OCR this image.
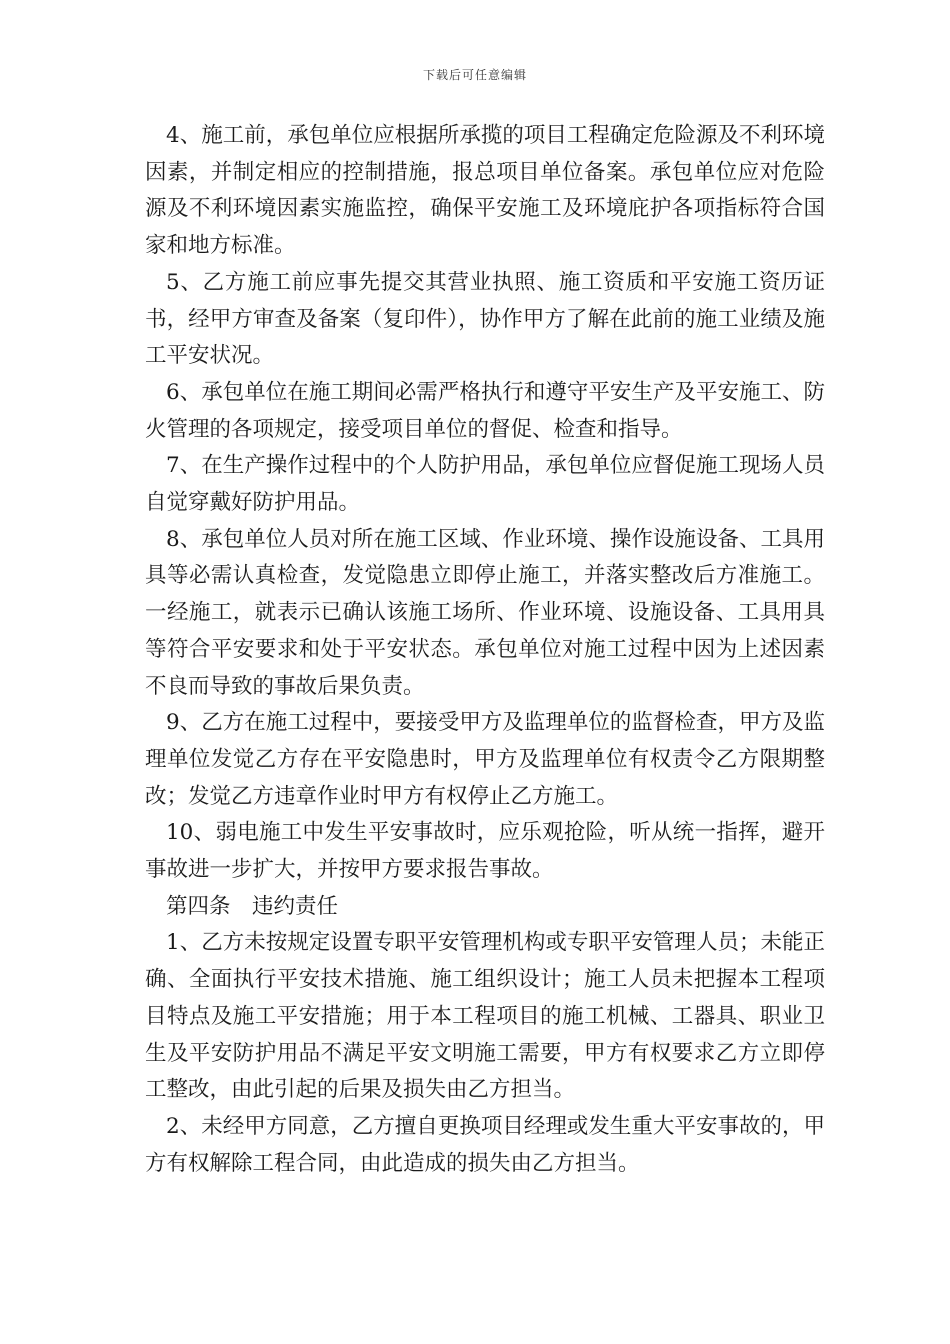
下载后可任意编辑

4、施工前，承包单位应根据所承揽的项目工程确定危险源及不利环境因素，并制定相应的控制措施，报总项目单位备案。承包单位应对危险源及不利环境因素实施监控，确保平安施工及环境庇护各项指标符合国家和地方标准。

5、乙方施工前应事先提交其营业执照、施工资质和平安施工资历证书，经甲方审查及备案（复印件），协作甲方了解在此前的施工业绩及施工平安状况。

6、承包单位在施工期间必需严格执行和遵守平安生产及平安施工、防火管理的各项规定，接受项目单位的督促、检查和指导。

7、在生产操作过程中的个人防护用品，承包单位应督促施工现场人员自觉穿戴好防护用品。

8、承包单位人员对所在施工区域、作业环境、操作设施设备、工具用具等必需认真检查，发觉隐患立即停止施工，并落实整改后方准施工。一经施工，就表示已确认该施工场所、作业环境、设施设备、工具用具等符合平安要求和处于平安状态。承包单位对施工过程中因为上述因素不良而导致的事故后果负责。

9、乙方在施工过程中，要接受甲方及监理单位的监督检查，甲方及监理单位发觉乙方存在平安隐患时，甲方及监理单位有权责令乙方限期整改；发觉乙方违章作业时甲方有权停止乙方施工。

10、弱电施工中发生平安事故时，应乐观抢险，听从统一指挥，避开事故进一步扩大，并按甲方要求报告事故。

第四条　违约责任

1、乙方未按规定设置专职平安管理机构或专职平安管理人员；未能正确、全面执行平安技术措施、施工组织设计；施工人员未把握本工程项目特点及施工平安措施；用于本工程项目的施工机械、工器具、职业卫生及平安防护用品不满足平安文明施工需要，甲方有权要求乙方立即停工整改，由此引起的后果及损失由乙方担当。

2、未经甲方同意，乙方擅自更换项目经理或发生重大平安事故的，甲方有权解除工程合同，由此造成的损失由乙方担当。
